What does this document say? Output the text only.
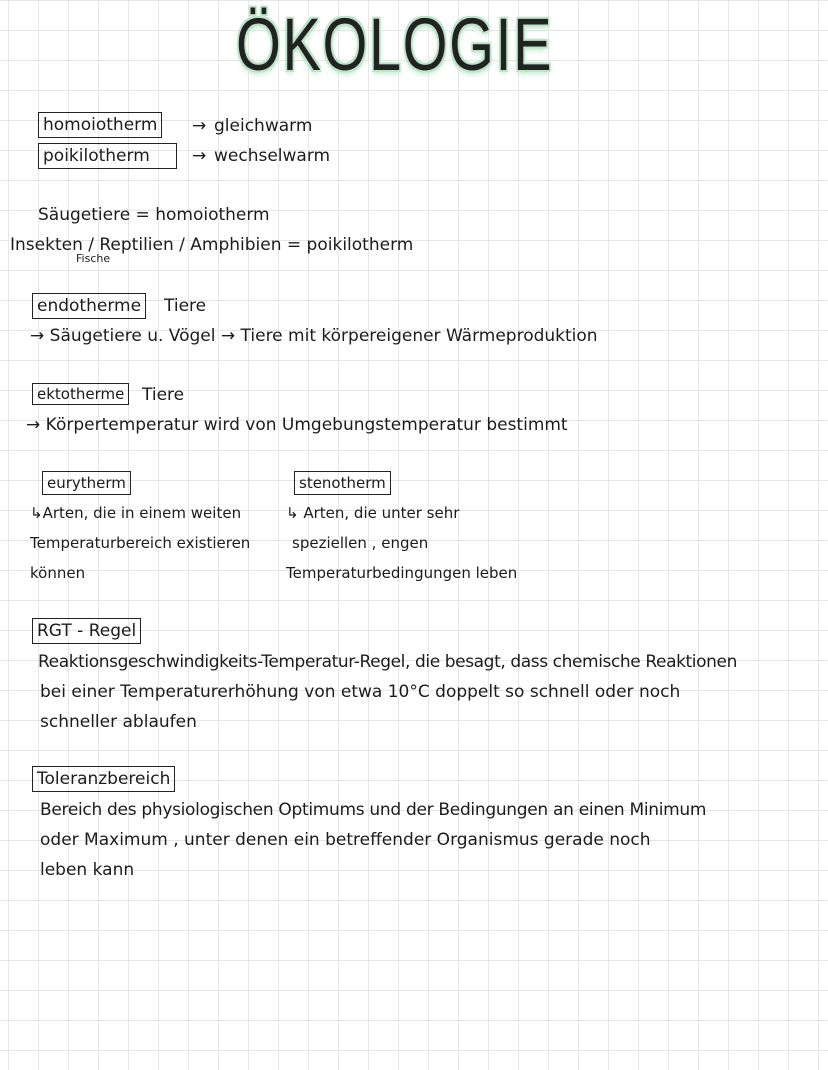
ÖKOLOGIE
homoiotherm → gleichwarm
poikilotherm	→ wechselwarm
Säugetiere = homoiotherm
Insekten / Reptilien / Amphibien = poikilotherm
Fische
endotherme Tiere
→ Säugetiere u. Vögel → Tiere mit körpereigener Wärmeproduktion
ektotherme Tiere
→ Körpertemperatur wird von Umgebungstemperatur bestimmt
eurytherm
↳Arten, die in einem weiten
Temperaturbereich existieren
können
stenotherm
↳ Arten, die unter sehr
speziellen , engen
Temperaturbedingungen leben
RGT - Regel
Reaktionsgeschwindigkeits-Temperatur-Regel, die besagt, dass chemische Reaktionen
bei einer Temperaturerhöhung von etwa 10°C doppelt so schnell oder noch
schneller ablaufen
Toleranzbereich
Bereich des physiologischen Optimums und der Bedingungen an einen Minimum
oder Maximum , unter denen ein betreffender Organismus gerade noch
leben kann
